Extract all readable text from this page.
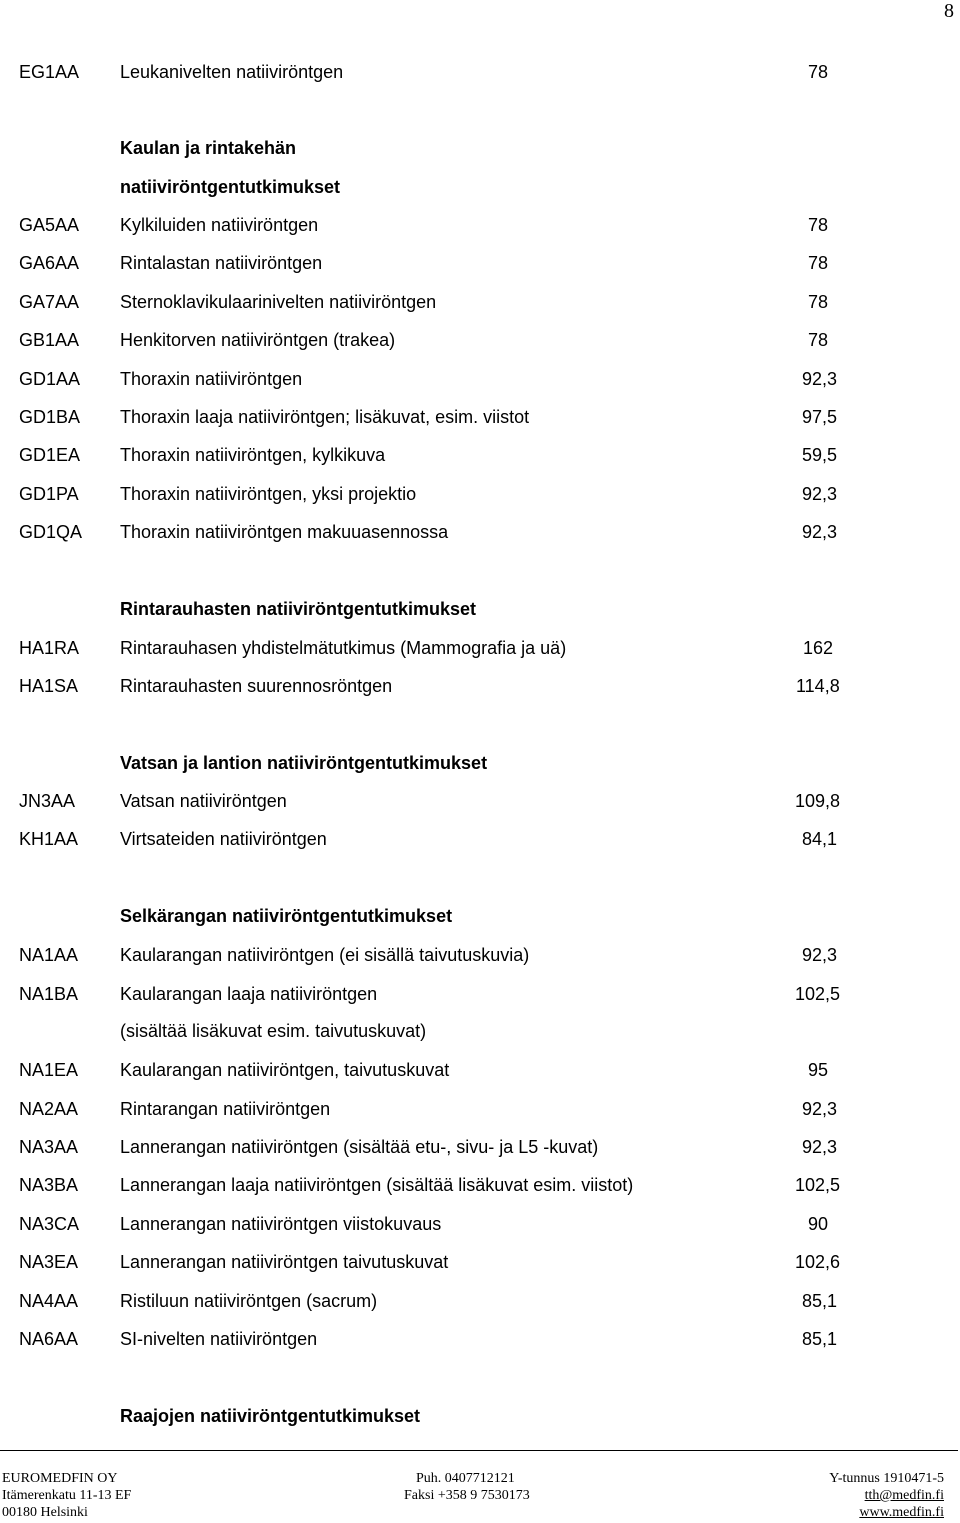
8
EG1AA Leukanivelten natiiviröntgen	78
Kaulan ja rintakehän
natiiviröntgentutkimukset
GA5AA Kylkiluiden natiiviröntgen	78
GA6AA Rintalastan natiiviröntgen	78
GA7AA Sternoklavikulaarinivelten natiiviröntgen	78
GB1AA Henkitorven natiiviröntgen (trakea)	78
GD1AA Thoraxin natiiviröntgen	92,3
GD1BA Thoraxin laaja natiiviröntgen; lisäkuvat, esim. viistot	97,5
GD1EA Thoraxin natiiviröntgen, kylkikuva	59,5
GD1PA Thoraxin natiiviröntgen, yksi projektio	92,3
GD1QA Thoraxin natiiviröntgen makuuasennossa	92,3
Rintarauhasten natiiviröntgentutkimukset
HA1RA Rintarauhasen yhdistelmätutkimus (Mammografia ja uä)	162
HA1SA Rintarauhasten suurennosröntgen	114,8
Vatsan ja lantion natiiviröntgentutkimukset
JN3AA Vatsan natiiviröntgen	109,8
KH1AA Virtsateiden natiiviröntgen	84,1
Selkärangan natiiviröntgentutkimukset
NA1AA Kaularangan natiiviröntgen (ei sisällä taivutuskuvia)	92,3
NA1BA Kaularangan laaja natiiviröntgen	102,5
(sisältää lisäkuvat esim. taivutuskuvat)
NA1EA Kaularangan natiiviröntgen, taivutuskuvat	95
NA2AA Rintarangan natiiviröntgen	92,3
NA3AA Lannerangan natiiviröntgen (sisältää etu-, sivu- ja L5 -kuvat)	92,3
NA3BA Lannerangan laaja natiiviröntgen (sisältää lisäkuvat esim. viistot)	102,5
NA3CA Lannerangan natiiviröntgen viistokuvaus	90
NA3EA Lannerangan natiiviröntgen taivutuskuvat	102,6
NA4AA Ristiluun natiiviröntgen (sacrum)	85,1
NA6AA SI-nivelten natiiviröntgen	85,1
Raajojen natiiviröntgentutkimukset
EUROMEDFIN OY
Itämerenkatu 11-13 EF
00180 Helsinki
Puh. 0407712121
Faksi +358 9 7530173
Y-tunnus 1910471-5
tth@medfin.fi
www.medfin.fi
